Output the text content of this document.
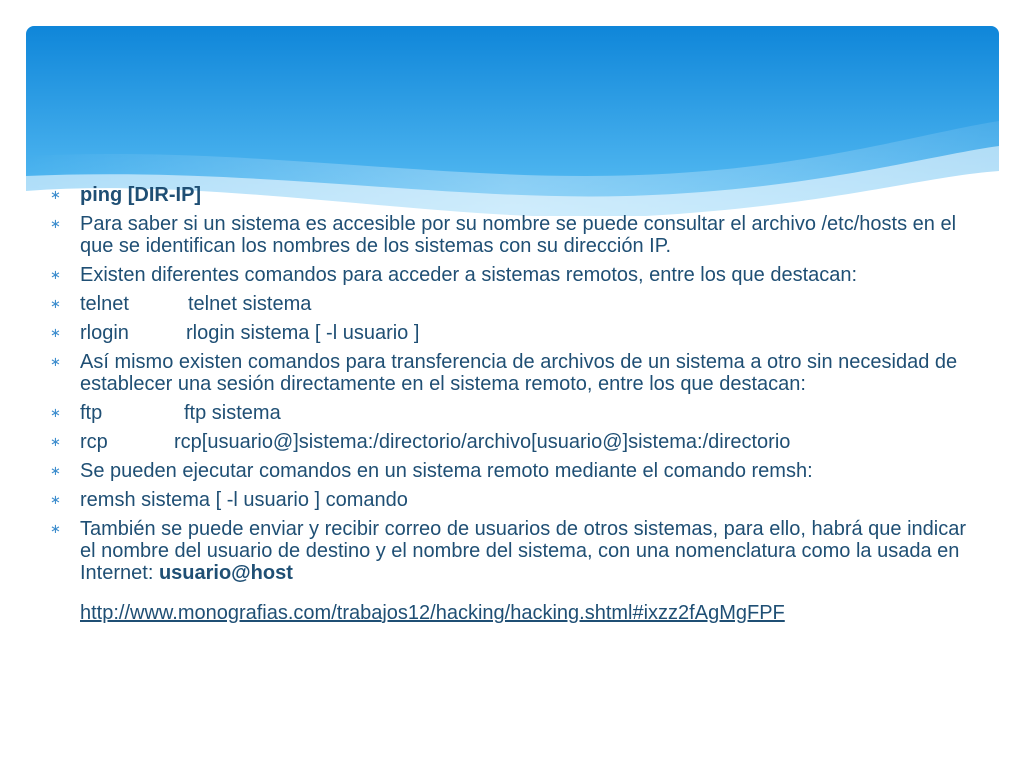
∗ ping [DIR-IP]
∗ Para saber si un sistema es accesible por su nombre se puede consultar el archivo /etc/hosts en el que se identifican los nombres de los sistemas con su dirección IP.
∗ Existen diferentes comandos para acceder a sistemas remotos, entre los que destacan:
∗ telnet	telnet sistema
∗ rlogin	rlogin sistema [ -l usuario ]
∗ Así mismo existen comandos para transferencia de archivos de un sistema a otro sin necesidad de establecer una sesión directamente en el sistema remoto, entre los que destacan:
∗ ftp	ftp sistema
∗ rcp	rcp[usuario@]sistema:/directorio/archivo[usuario@]sistema:/directorio
∗ Se pueden ejecutar comandos en un sistema remoto mediante el comando remsh:
∗ remsh sistema [ -l usuario ] comando
∗ También se puede enviar y recibir correo de usuarios de otros sistemas, para ello, habrá que indicar el nombre del usuario de destino y el nombre del sistema, con una nomenclatura como la usada en Internet: usuario@host
http://www.monografias.com/trabajos12/hacking/hacking.shtml#ixzz2fAgMgFPF
